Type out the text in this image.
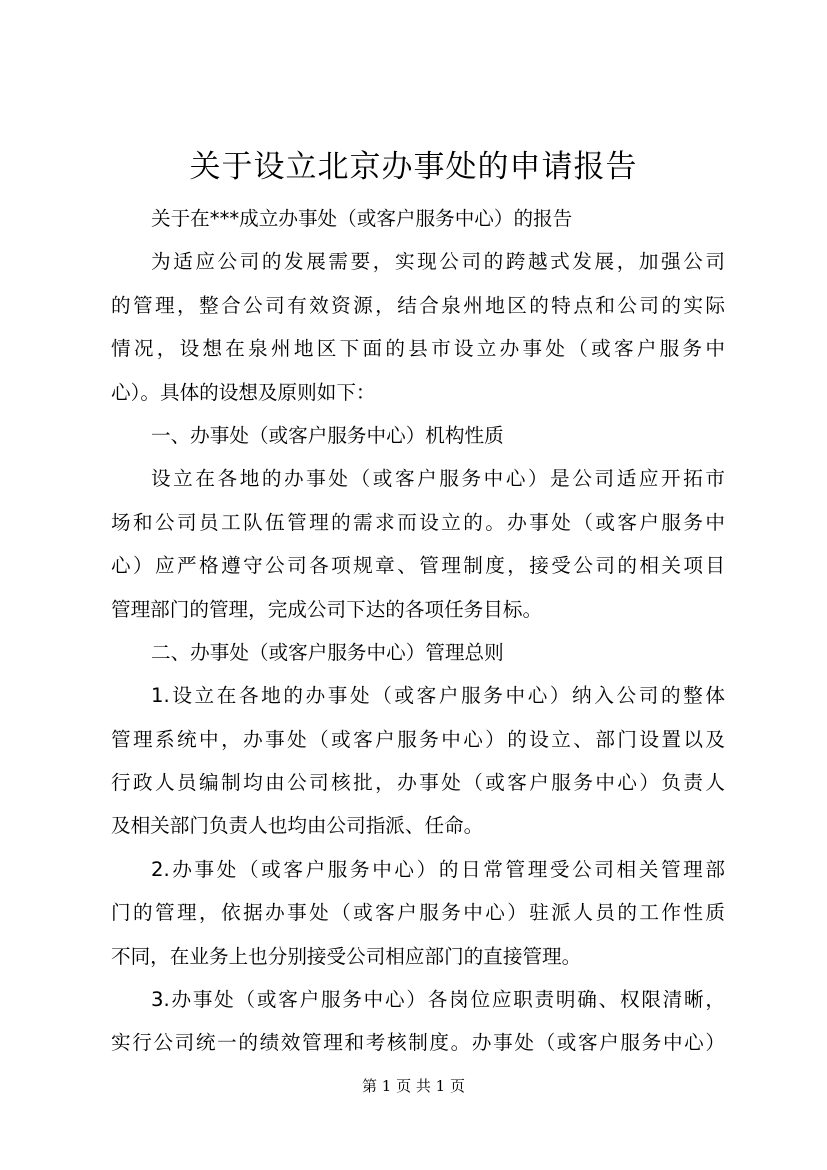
关于设立北京办事处的申请报告
关于在***成立办事处（或客户服务中心）的报告
为适应公司的发展需要，实现公司的跨越式发展，加强公司
的管理，整合公司有效资源，结合泉州地区的特点和公司的实际
情况，设想在泉州地区下面的县市设立办事处（或客户服务中
心）。具体的设想及原则如下：
一、办事处（或客户服务中心）机构性质
设立在各地的办事处（或客户服务中心）是公司适应开拓市
场和公司员工队伍管理的需求而设立的。办事处（或客户服务中
心）应严格遵守公司各项规章、管理制度，接受公司的相关项目
管理部门的管理，完成公司下达的各项任务目标。
二、办事处（或客户服务中心）管理总则
1.设立在各地的办事处（或客户服务中心）纳入公司的整体
管理系统中，办事处（或客户服务中心）的设立、部门设置以及
行政人员编制均由公司核批，办事处（或客户服务中心）负责人
及相关部门负责人也均由公司指派、任命。
2.办事处（或客户服务中心）的日常管理受公司相关管理部
门的管理，依据办事处（或客户服务中心）驻派人员的工作性质
不同，在业务上也分别接受公司相应部门的直接管理。
3.办事处（或客户服务中心）各岗位应职责明确、权限清晰，
实行公司统一的绩效管理和考核制度。办事处（或客户服务中心）
第 1 页 共 1 页
